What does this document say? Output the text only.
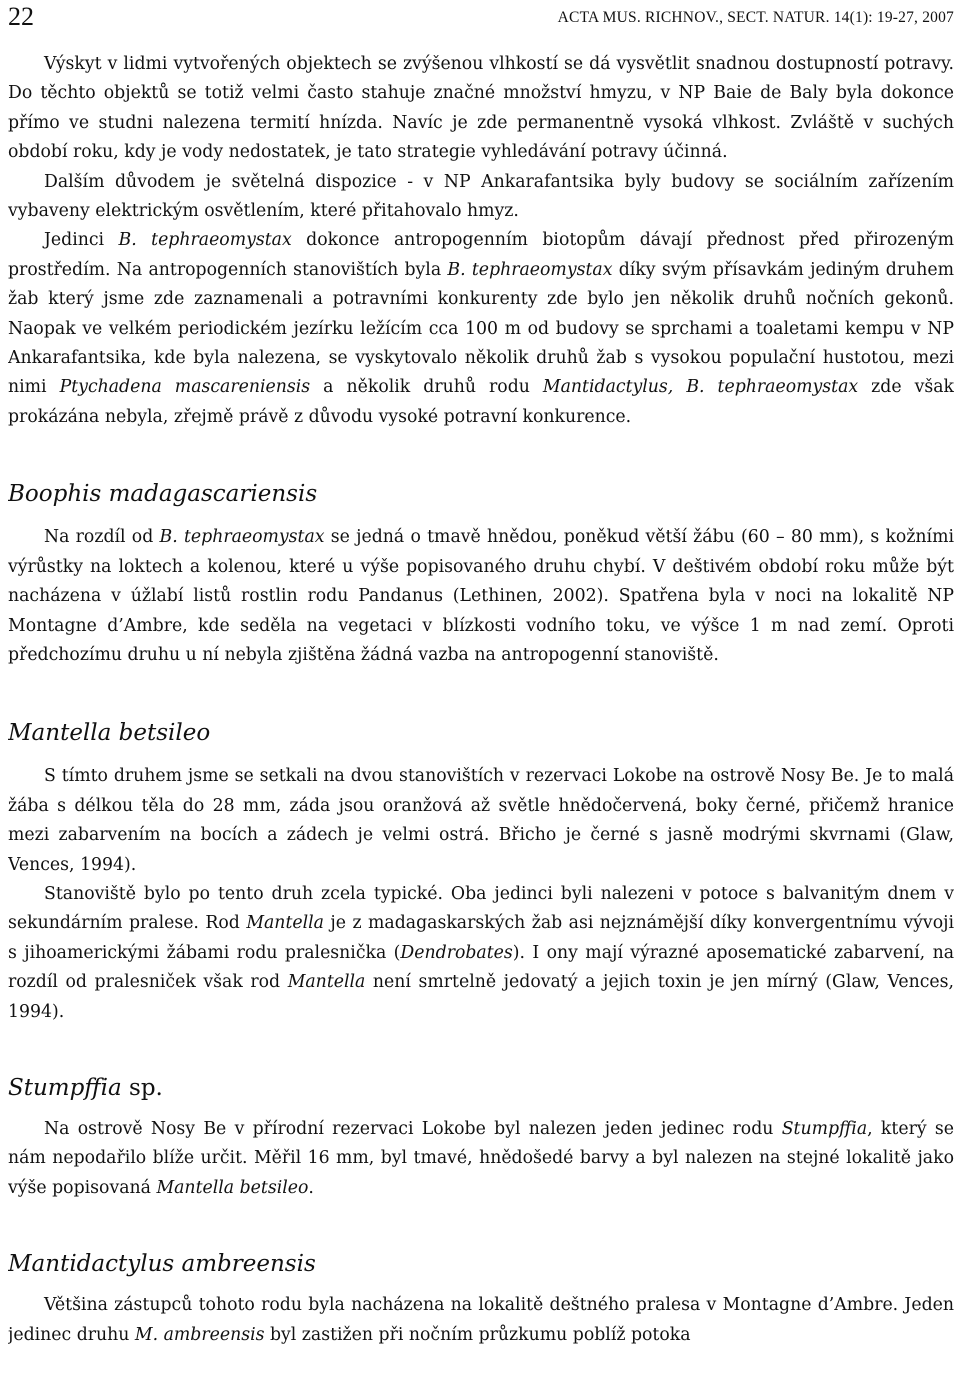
22	ACTA MUS. RICHNOV., SECT. NATUR. 14(1): 19-27, 2007

Výskyt v lidmi vytvořených objektech se zvýšenou vlhkostí se dá vysvětlit snadnou dostupností potravy. Do těchto objektů se totiž velmi často stahuje značné množství hmyzu, v NP Baie de Baly byla dokonce přímo ve studni nalezena termití hnízda. Navíc je zde permanentně vysoká vlhkost. Zvláště v suchých období roku, kdy je vody nedostatek, je tato strategie vyhledávání potravy účinná.

Dalším důvodem je světelná dispozice - v NP Ankarafantsika byly budovy se sociálním zařízením vybaveny elektrickým osvětlením, které přitahovalo hmyz.

Jedinci B. tephraeomystax dokonce antropogenním biotopům dávají přednost před přirozeným prostředím. Na antropogenních stanovištích byla B. tephraeomystax díky svým přísavkám jediným druhem žab který jsme zde zaznamenali a potravními konkurenty zde bylo jen několik druhů nočních gekonů. Naopak ve velkém periodickém jezírku ležícím cca 100 m od budovy se sprchami a toaletami kempu v NP Ankarafantsika, kde byla nalezena, se vyskytovalo několik druhů žab s vysokou populační hustotou, mezi nimi Ptychadena mascareniensis a několik druhů rodu Mantidactylus, B. tephraeomystax zde však prokázána nebyla, zřejmě právě z důvodu vysoké potravní konkurence.

Boophis madagascariensis

Na rozdíl od B. tephraeomystax se jedná o tmavě hnědou, poněkud větší žábu (60 – 80 mm), s kožními výrůstky na loktech a kolenou, které u výše popisovaného druhu chybí. V deštivém období roku může být nacházena v úžlabí listů rostlin rodu Pandanus (Lethinen, 2002). Spatřena byla v noci na lokalitě NP Montagne d’Ambre, kde seděla na vegetaci v blízkosti vodního toku, ve výšce 1 m nad zemí. Oproti předchozímu druhu u ní nebyla zjištěna žádná vazba na antropogenní stanoviště.

Mantella betsileo

S tímto druhem jsme se setkali na dvou stanovištích v rezervaci Lokobe na ostrově Nosy Be. Je to malá žába s délkou těla do 28 mm, záda jsou oranžová až světle hnědočervená, boky černé, přičemž hranice mezi zabarvením na bocích a zádech je velmi ostrá. Břicho je černé s jasně modrými skvrnami (Glaw, Vences, 1994).

Stanoviště bylo po tento druh zcela typické. Oba jedinci byli nalezeni v potoce s balvanitým dnem v sekundárním pralese. Rod Mantella je z madagaskarských žab asi nejznámější díky konvergentnímu vývoji s jihoamerickými žábami rodu pralesnička (Dendrobates). I ony mají výrazné aposematické zabarvení, na rozdíl od pralesniček však rod Mantella není smrtelně jedovatý a jejich toxin je jen mírný (Glaw, Vences, 1994).

Stumpffia sp.

Na ostrově Nosy Be v přírodní rezervaci Lokobe byl nalezen jeden jedinec rodu Stumpffia, který se nám nepodařilo blíže určit. Měřil 16 mm, byl tmavé, hnědošedé barvy a byl nalezen na stejné lokalitě jako výše popisovaná Mantella betsileo.

Mantidactylus ambreensis

Většina zástupců tohoto rodu byla nacházena na lokalitě deštného pralesa v Montagne d’Ambre. Jeden jedinec druhu M. ambreensis byl zastižen při nočním průzkumu poblíž potoka
